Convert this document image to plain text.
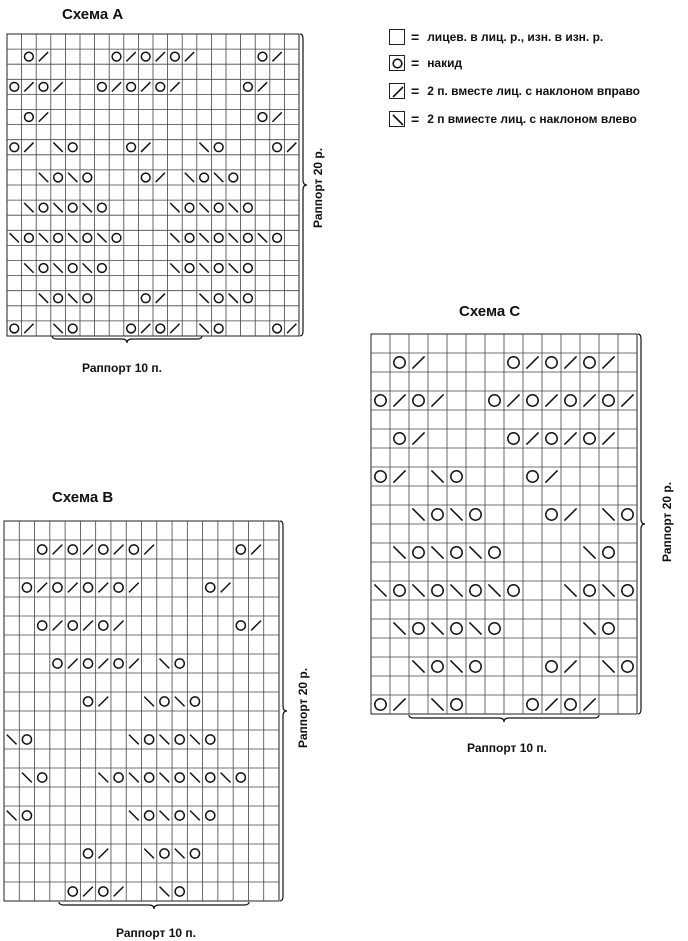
Схема A
Раппорт 10 п.
Раппорт 20 р.
Схема B
Раппорт 10 п.
Раппорт 20 р.
Схема C
Раппорт 10 п.
Раппорт 20 р.
= лицев. в лиц. р., изн. в изн. р.
= накид
= 2 п. вместе лиц. с наклоном вправо
= 2 п вмиесте лиц. с наклоном влево
